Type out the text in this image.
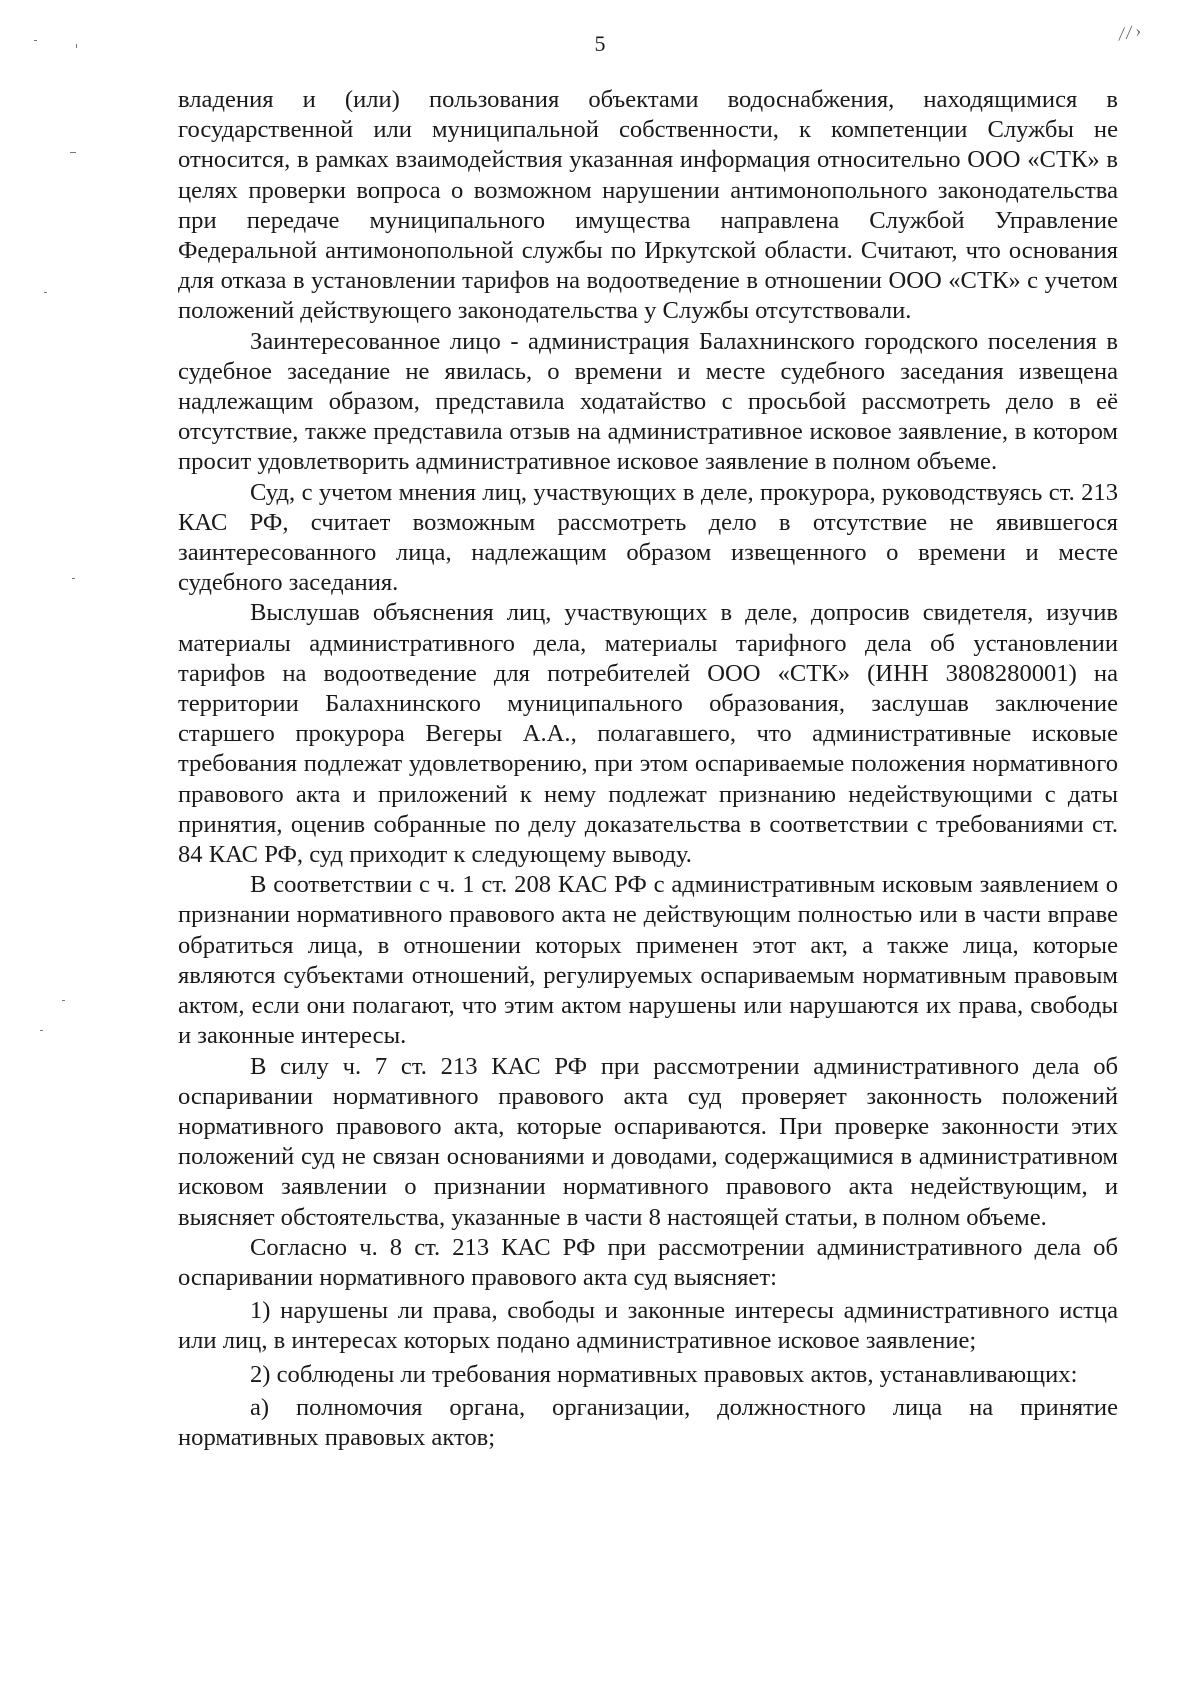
5	⁄ ⁄ ›

владения и (или) пользования объектами водоснабжения, находящимися в государственной или муниципальной собственности, к компетенции Службы не относится, в рамках взаимодействия указанная информация относительно ООО «СТК» в целях проверки вопроса о возможном нарушении антимонопольного законодательства при передаче муниципального имущества направлена Службой Управление Федеральной антимонопольной службы по Иркутской области. Считают, что основания для отказа в установлении тарифов на водоотведение в отношении ООО «СТК» с учетом положений действующего законодательства у Службы отсутствовали.

Заинтересованное лицо - администрация Балахнинского городского поселения в судебное заседание не явилась, о времени и месте судебного заседания извещена надлежащим образом, представила ходатайство с просьбой рассмотреть дело в её отсутствие, также представила отзыв на административное исковое заявление, в котором просит удовлетворить административное исковое заявление в полном объеме.

Суд, с учетом мнения лиц, участвующих в деле, прокурора, руководствуясь ст. 213 КАС РФ, считает возможным рассмотреть дело в отсутствие не явившегося заинтересованного лица, надлежащим образом извещенного о времени и месте судебного заседания.

Выслушав объяснения лиц, участвующих в деле, допросив свидетеля, изучив материалы административного дела, материалы тарифного дела об установлении тарифов на водоотведение для потребителей ООО «СТК» (ИНН 3808280001) на территории Балахнинского муниципального образования, заслушав заключение старшего прокурора Вегеры А.А., полагавшего, что административные исковые требования подлежат удовлетворению, при этом оспариваемые положения нормативного правового акта и приложений к нему подлежат признанию недействующими с даты принятия, оценив собранные по делу доказательства в соответствии с требованиями ст. 84 КАС РФ, суд приходит к следующему выводу.

В соответствии с ч. 1 ст. 208 КАС РФ с административным исковым заявлением о признании нормативного правового акта не действующим полностью или в части вправе обратиться лица, в отношении которых применен этот акт, а также лица, которые являются субъектами отношений, регулируемых оспариваемым нормативным правовым актом, если они полагают, что этим актом нарушены или нарушаются их права, свободы и законные интересы.

В силу ч. 7 ст. 213 КАС РФ при рассмотрении административного дела об оспаривании нормативного правового акта суд проверяет законность положений нормативного правового акта, которые оспариваются. При проверке законности этих положений суд не связан основаниями и доводами, содержащимися в административном исковом заявлении о признании нормативного правового акта недействующим, и выясняет обстоятельства, указанные в части 8 настоящей статьи, в полном объеме.

Согласно ч. 8 ст. 213 КАС РФ при рассмотрении административного дела об оспаривании нормативного правового акта суд выясняет:

1) нарушены ли права, свободы и законные интересы административного истца или лиц, в интересах которых подано административное исковое заявление;

2) соблюдены ли требования нормативных правовых актов, устанавливающих:

а) полномочия органа, организации, должностного лица на принятие нормативных правовых актов;
